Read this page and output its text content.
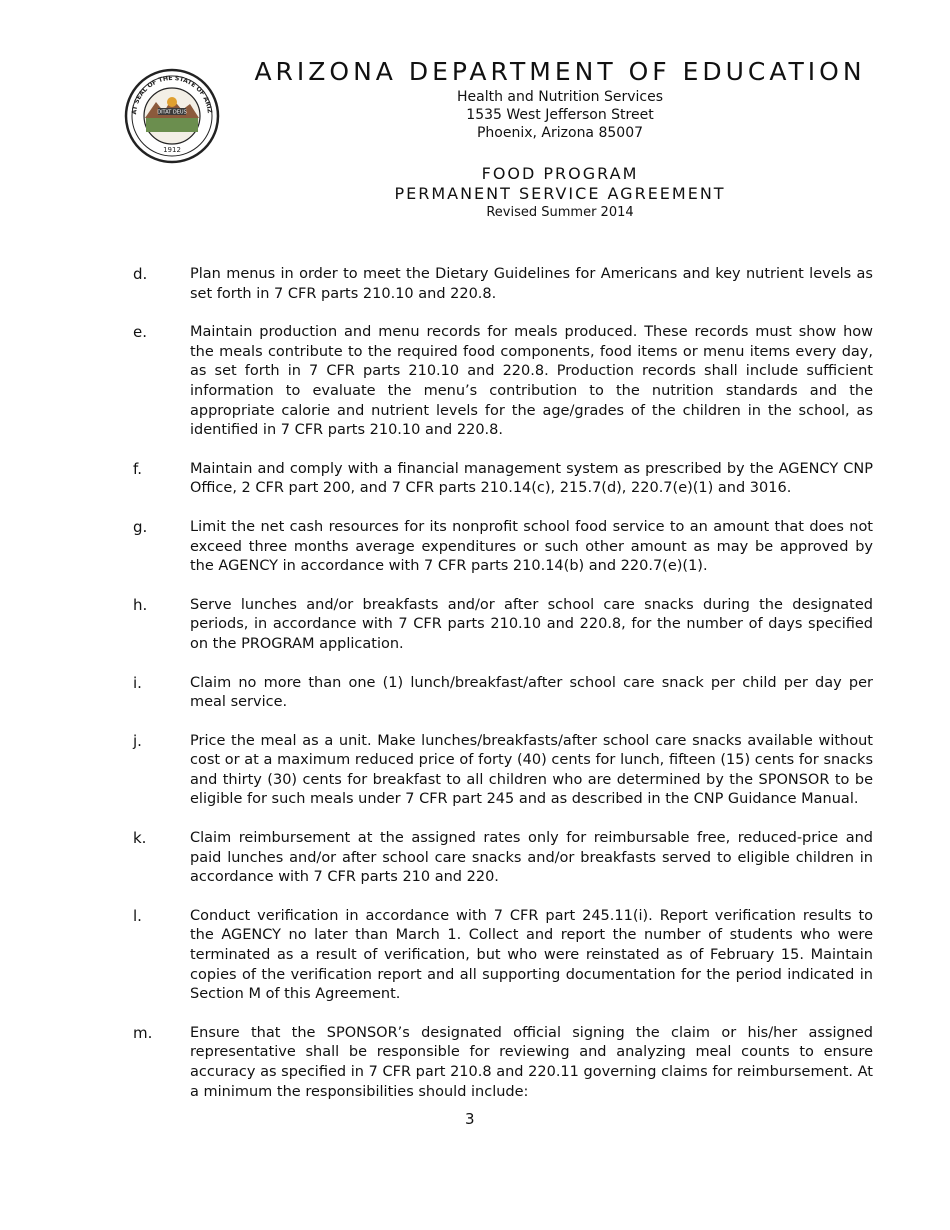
DITAT DEUS
1912
AT SEAL OF THE STATE OF ARIZ
ARIZONA DEPARTMENT OF EDUCATION
Health and Nutrition Services
1535 West Jefferson Street
Phoenix, Arizona 85007
FOOD PROGRAM
PERMANENT SERVICE AGREEMENT
Revised Summer 2014
d.	Plan menus in order to meet the Dietary Guidelines for Americans and key nutrient levels as set forth in 7 CFR parts 210.10 and 220.8.
e.	Maintain production and menu records for meals produced. These records must show how the meals contribute to the required food components, food items or menu items every day, as set forth in 7 CFR parts 210.10 and 220.8. Production records shall include sufficient information to evaluate the menu’s contribution to the nutrition standards and the appropriate calorie and nutrient levels for the age/grades of the children in the school, as identified in 7 CFR parts 210.10 and 220.8.
f.	Maintain and comply with a financial management system as prescribed by the AGENCY CNP Office, 2 CFR part 200, and 7 CFR parts 210.14(c), 215.7(d), 220.7(e)(1) and 3016.
g.	Limit the net cash resources for its nonprofit school food service to an amount that does not exceed three months average expenditures or such other amount as may be approved by the AGENCY in accordance with 7 CFR parts 210.14(b) and 220.7(e)(1).
h.	Serve lunches and/or breakfasts and/or after school care snacks during the designated periods, in accordance with 7 CFR parts 210.10 and 220.8, for the number of days specified on the PROGRAM application.
i.	Claim no more than one (1) lunch/breakfast/after school care snack per child per day per meal service.
j.	Price the meal as a unit. Make lunches/breakfasts/after school care snacks available without cost or at a maximum reduced price of forty (40) cents for lunch, fifteen (15) cents for snacks and thirty (30) cents for breakfast to all children who are determined by the SPONSOR to be eligible for such meals under 7 CFR part 245 and as described in the CNP Guidance Manual.
k.	Claim reimbursement at the assigned rates only for reimbursable free, reduced-price and paid lunches and/or after school care snacks and/or breakfasts served to eligible children in accordance with 7 CFR parts 210 and 220.
l.	Conduct verification in accordance with 7 CFR part 245.11(i). Report verification results to the AGENCY no later than March 1. Collect and report the number of students who were terminated as a result of verification, but who were reinstated as of February 15. Maintain copies of the verification report and all supporting documentation for the period indicated in Section M of this Agreement.
m.	Ensure that the SPONSOR’s designated official signing the claim or his/her assigned representative shall be responsible for reviewing and analyzing meal counts to ensure accuracy as specified in 7 CFR part 210.8 and 220.11 governing claims for reimbursement. At a minimum the responsibilities should include:
3
